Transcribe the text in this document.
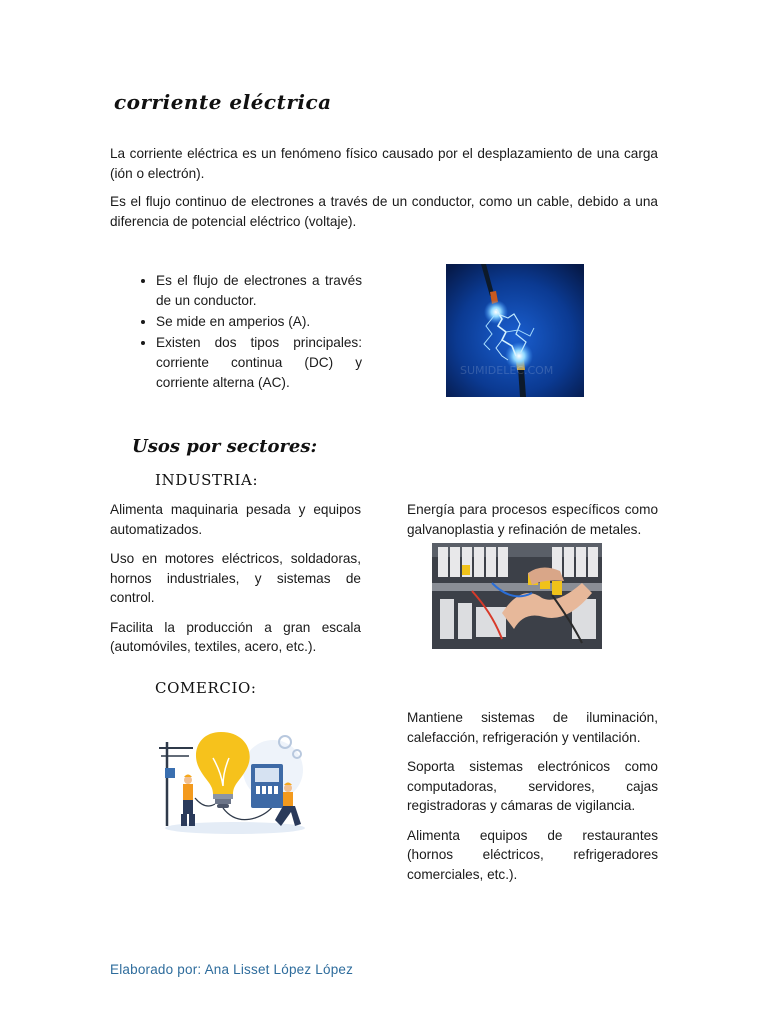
corriente eléctrica

La corriente eléctrica es un fenómeno físico causado por el desplazamiento de una carga (ión o electrón).

Es el flujo continuo de electrones a través de un conductor, como un cable, debido a una diferencia de potencial eléctrico (voltaje).

• Es el flujo de electrones a través de un conductor.
• Se mide en amperios (A).
• Existen dos tipos principales: corriente continua (DC) y corriente alterna (AC).
SUMIDELEC.COM
Usos por sectores:
INDUSTRIA:

Alimenta maquinaria pesada y equipos automatizados.

Uso en motores eléctricos, soldadoras, hornos industriales, y sistemas de control.

Facilita la producción a gran escala (automóviles, textiles, acero, etc.).

Energía para procesos específicos como galvanoplastia y refinación de metales.

COMERCIO:

Mantiene sistemas de iluminación, calefacción, refrigeración y ventilación.

Soporta sistemas electrónicos como computadoras, servidores, cajas registradoras y cámaras de vigilancia.

Alimenta equipos de restaurantes (hornos eléctricos, refrigeradores comerciales, etc.).

Elaborado por: Ana Lisset López López
